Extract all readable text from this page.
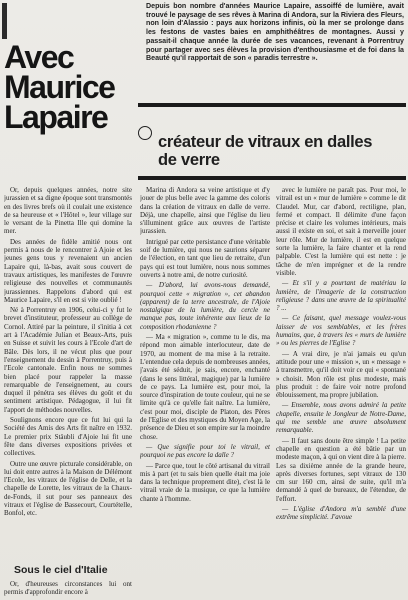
Depuis bon nombre d'années Maurice Lapaire, assoiffé de lumière, avait trouvé le paysage de ses rêves à Marina di Andora, sur la Riviera des Fleurs, non loin d'Alassio : pays aux horizons infinis, où la mer se prolonge dans les festons de vastes baies en amphithéâtres de montagnes. Aussi y passait-il chaque année la durée de ses vacances, revenant à Porrentruy pour partager avec ses élèves la provision d'enthousiasme et de foi dans la Beauté qu'il rapportait de son « paradis terrestre ».
Avec
Maurice
Lapaire
créateur de vitraux en dalles de verre

Or, depuis quelques années, notre site jurassien et sa digne époque sont transmontés en des livres brefs où il coulait une existence de sa heureuse et « l'Hôtel », leur village sur le versant de la Pinetta Ille qui domine la mer.

Des années de fidèle amitié nous ont permis à nous de le rencontrer à Ajoie et les jeunes gens tous y revenaient un ancien Lapaire qui, là-bas, avait sous couvert de travaux artistiques, les manifestes de l'œuvre religieuse des nouvelles et communautés jurassiennes. Rappelons d'abord qui est Maurice Lapaire, s'il en est si vite oublié !

Né à Porrentruy en 1906, celui-ci y fut le brevet d'instituteur, professeur au collège de Cornol. Attiré par la peinture, il s'initia à cet art à l'Académie Julian et Beaux-Arts, puis en Suisse et suivit les cours à l'Ecole d'art de Bâle. Dès lors, il ne vécut plus que pour l'enseignement du dessin à Porrentruy, puis à l'Ecole cantonale. Enfin nous ne sommes bien placé pour rappeler la masse remarquable de l'enseignement, au cours duquel il pénétra ses élèves du goût et du sentiment artistique. Pédagogue, il lui fit l'apport de méthodes nouvelles.

Soulignons encore que ce fut lui qui la Société des Amis des Arts fit naître en 1932. Le premier prix Stäubli d'Ajoie lui fit une fête dans diverses expositions privées et collectives.

Outre une œuvre picturale considérable, on lui doit entre autres à la Maison de Délémont l'Ecole, les vitraux de l'église de Delle, et la chapelle de Lorette, les vitraux de la Chaux-de-Fonds, il sut pour ses panneaux des vitraux et l'église de Bassecourt, Courtételle, Bonfol, etc.

Sous le ciel d'Italie

Or, d'heureuses circonstances lui ont permis d'approfondir encore à

Marina di Andora sa veine artistique et d'y jouer de plus belle avec la gamme des coloris dans la création de vitraux en dalle de verre. Déjà, une chapelle, ainsi que l'église du lieu s'illuminent grâce aux œuvres de l'artiste jurassien.

Intrigué par cette persistance d'une véritable soif de lumière, qui nous ne saurions séparer de l'élection, en tant que lieu de retraite, d'un pays qui est tout lumière, nous nous sommes ouverts à notre ami, de notre curiosité.

— D'abord, lui avons-nous demandé, pourquoi cette « migration », cet abandon (apparent) de la terre ancestrale, de l'Ajoie nostalgique de la lumière, du cercle ne manque pas, toute inhérente aux lieux de la composition rhodanienne ?

— Ma « migration », comme tu le dis, ma répond mon aimable interlocuteur, date de 1970, au moment de ma mise à la retraite. L'entendue cela depuis de nombreuses années, j'avais été séduit, je sais, encore, enchanté (dans le sens littéral, magique) par la lumière de ce pays. La lumière est, pour moi, la source d'inspiration de toute couleur, qui ne se limite qu'à ce qu'elle fait naître. La lumière, c'est pour moi, disciple de Platon, des Pères de l'Eglise et des mystiques du Moyen Age, la présence de Dieu et son empire sur la moindre chose.

— Que signifie pour toi le vitrail, et pourquoi ne pas encore la dalle ?

— Parce que, tout le côté artisanal du vitrail mis à part (et tu sais bien quelle était ma joie dans la technique proprement dite), c'est là le vitrail vraie de la musique, ce que la lumière chante à l'homme.

avec le lumière ne paraît pas. Pour moi, le vitrail est un « mur de lumière » comme le dit Claudel. Mur, car d'abord, rectiligne, plan, fermé et compact. Il délimite d'une façon précise et claire les volumes intérieurs, mais aussi il existe en soi, et sait à merveille jouer leur rôle. Mur de lumière, il est en quelque sorte la lumière, la faire chanter et la rend palpable. C'est la lumière qui est nette : je tâche de m'en imprégner et de la rendre visible.

— Et s'il y a pourtant de matériau la lumière, de l'imagerie de la construction religieuse ? dans une œuvre de la spiritualité ? ...

— Ce faisant, quel message voulez-vous laisser de vos semblables, et les frères humains, que, à travers les « murs de lumière » ou les pierres de l'Eglise ?

— A vrai dire, je n'ai jamais eu qu'un attitude pour une « mission », un « message » à transmettre, qu'il doit voir ce qui « spontané » choisit. Mon rôle est plus modeste, mais plus produit : de faire voir notre profond éblouissement, ma propre jubilation.

— Ensemble, nous avons admiré la petite chapelle, ensuite le Jongleur de Notre-Dame, qui me semble une œuvre absolument remarquable.

— Il faut sans doute être simple ! La petite chapelle en question a été bâtie par un modeste maçon, à qui on vient dire à la pierre. Les sa dixième année de la grande heure, après diverses fortunes, sept vitraux de 130 cm sur 160 cm, ainsi de suite, qu'il m'a demandé à quel de bureaux, de l'étendue, de l'effort.

— L'église d'Andora m'a semblé d'une extrême simplicité. J'avoue
